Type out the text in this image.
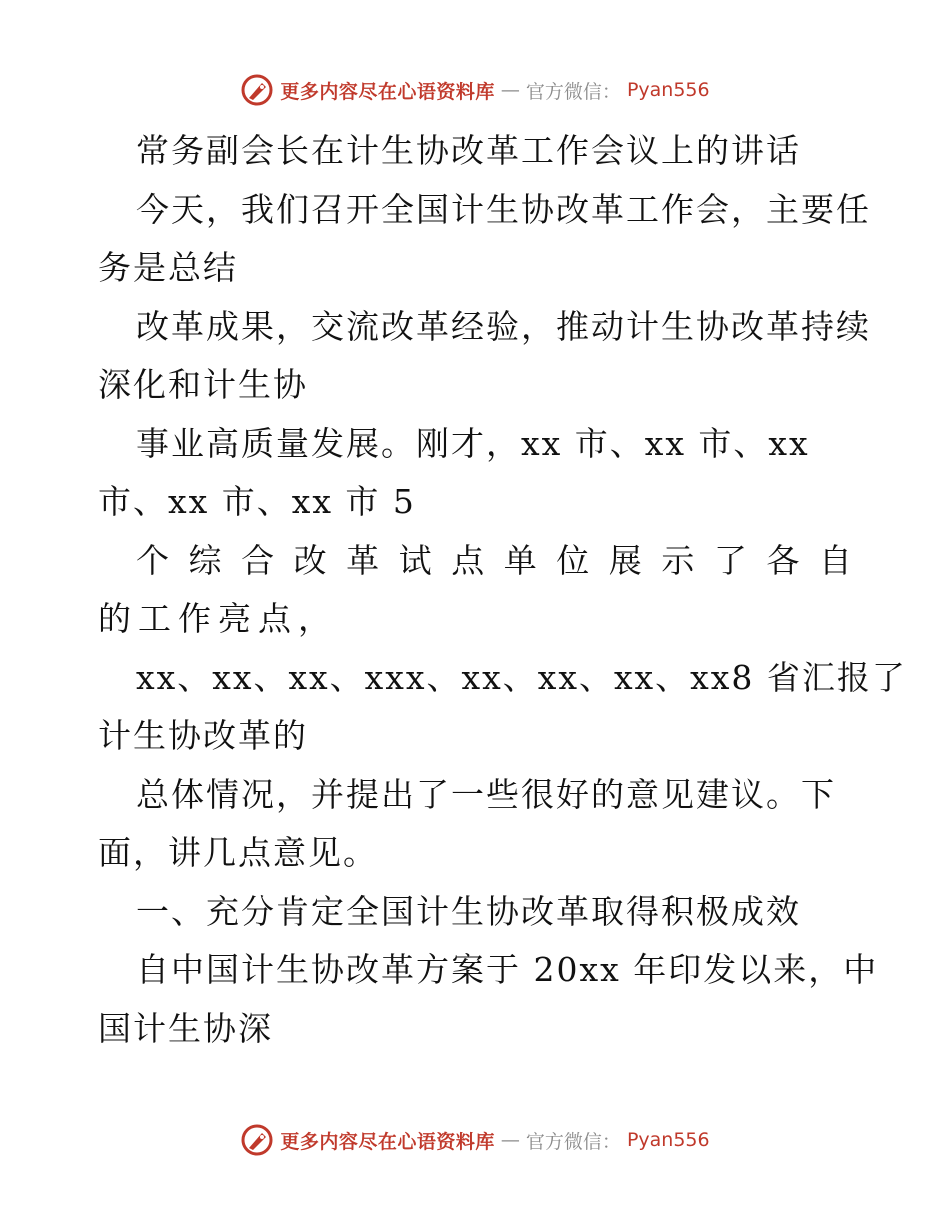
更多内容尽在心语资料库 — 官方微信： Pyan556
常务副会长在计生协改革工作会议上的讲话
今天，我们召开全国计生协改革工作会，主要任
务是总结
改革成果，交流改革经验，推动计生协改革持续
深化和计生协
事业高质量发展。刚才，xx 市、xx 市、xx
市、xx 市、xx 市 5
个 综 合 改 革 试 点 单 位 展 示 了 各 自
的 工 作 亮 点 ，
xx、xx、xx、xxx、xx、xx、xx、xx8 省汇报了
计生协改革的
总体情况，并提出了一些很好的意见建议。下
面，讲几点意见。
一、充分肯定全国计生协改革取得积极成效
自中国计生协改革方案于 20xx 年印发以来，中
国计生协深
更多内容尽在心语资料库 — 官方微信： Pyan556
